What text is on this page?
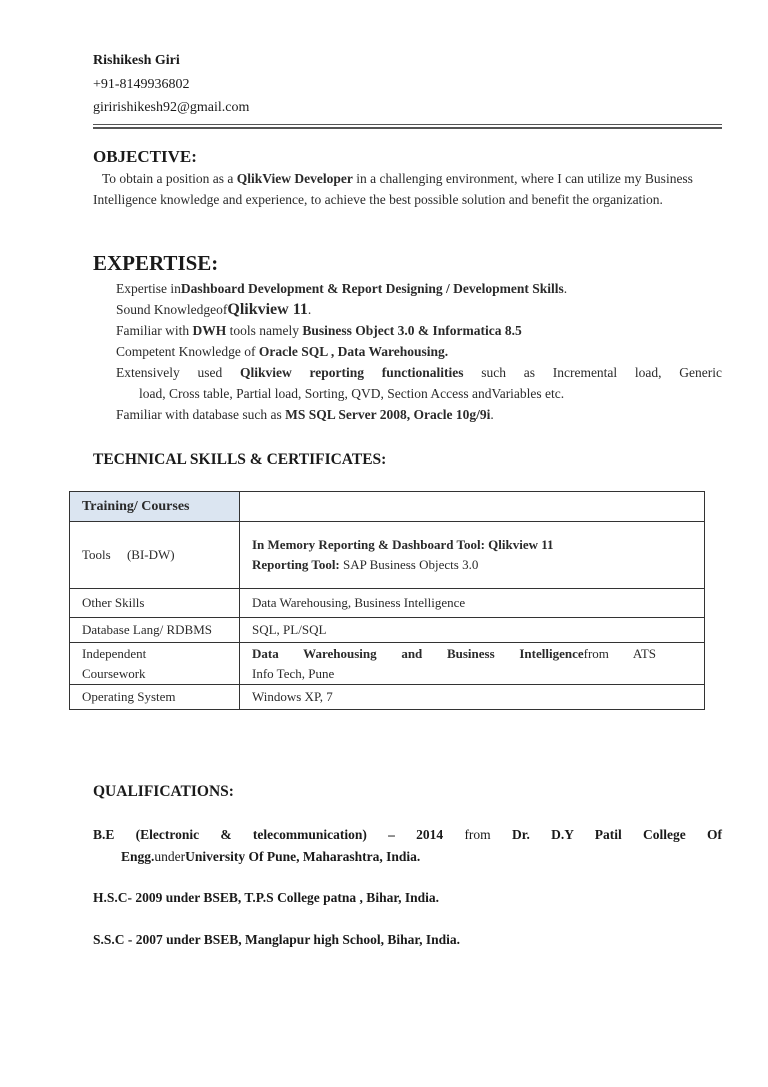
Rishikesh Giri
+91-8149936802
giririshikesh92@gmail.com
OBJECTIVE:
To obtain a position as a QlikView Developer in a challenging environment, where I can utilize my Business Intelligence knowledge and experience, to achieve the best possible solution and benefit the organization.
EXPERTISE:
Expertise inDashboard Development & Report Designing / Development Skills.
Sound KnowledgeofQlikview 11.
Familiar with DWH tools namely Business Object 3.0 & Informatica 8.5
Competent Knowledge of Oracle SQL , Data Warehousing.
Extensively used Qlikview reporting functionalities such as Incremental load, Generic
load, Cross table, Partial load, Sorting, QVD, Section Access andVariables etc.
Familiar with database such as MS SQL Server 2008, Oracle 10g/9i.
TECHNICAL SKILLS & CERTIFICATES:
Training/ Courses	
Tools     (BI-DW)	In Memory Reporting & Dashboard Tool: Qlikview 11
Reporting Tool: SAP Business Objects 3.0

Other Skills	Data Warehousing, Business Intelligence
Database Lang/ RDBMS	SQL, PL/SQL

Independent
Coursework	Data Warehousing and Business Intelligencefrom ATS
Info Tech, Pune

Operating System	Windows XP, 7
QUALIFICATIONS:
B.E (Electronic & telecommunication) – 2014 from Dr. D.Y Patil College Of
Engg.underUniversity Of Pune, Maharashtra, India.
H.S.C- 2009 under BSEB, T.P.S College patna , Bihar, India.
S.S.C - 2007 under BSEB, Manglapur high School, Bihar, India.
